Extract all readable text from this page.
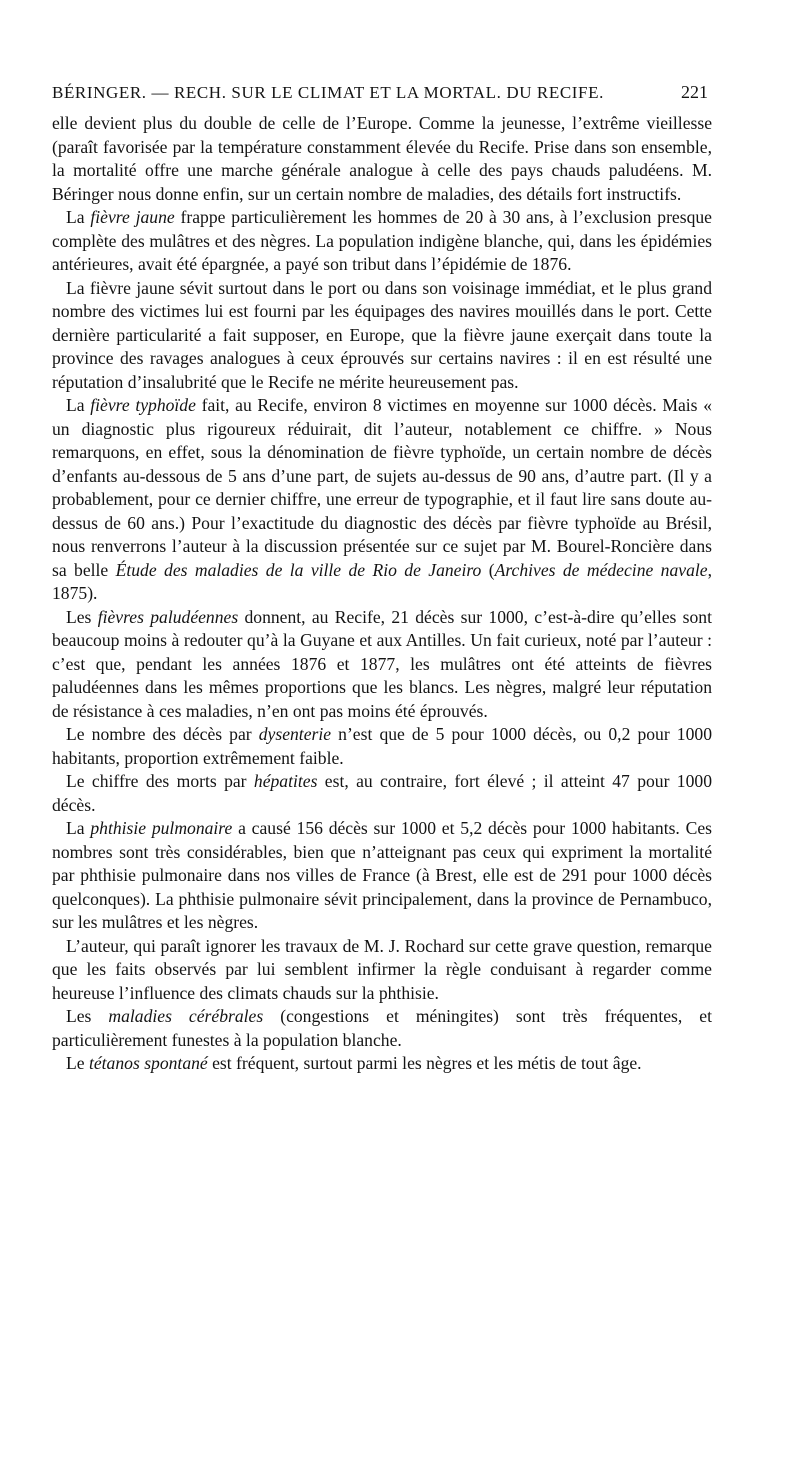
BÉRINGER. — RECH. SUR LE CLIMAT ET LA MORTAL. DU RECIFE.	221

elle devient plus du double de celle de l’Europe. Comme la jeunesse, l’extrême vieillesse (paraît favorisée par la température constamment élevée du Recife. Prise dans son ensemble, la mortalité offre une marche générale analogue à celle des pays chauds paludéens. M. Béringer nous donne enfin, sur un certain nombre de maladies, des détails fort instructifs.

La fièvre jaune frappe particulièrement les hommes de 20 à 30 ans, à l’exclusion presque complète des mulâtres et des nègres. La population indigène blanche, qui, dans les épidémies antérieures, avait été épargnée, a payé son tribut dans l’épidémie de 1876.

La fièvre jaune sévit surtout dans le port ou dans son voisinage immédiat, et le plus grand nombre des victimes lui est fourni par les équipages des navires mouillés dans le port. Cette dernière particularité a fait supposer, en Europe, que la fièvre jaune exerçait dans toute la province des ravages analogues à ceux éprouvés sur certains navires : il en est résulté une réputation d’insalubrité que le Recife ne mérite heureusement pas.

La fièvre typhoïde fait, au Recife, environ 8 victimes en moyenne sur 1000 décès. Mais « un diagnostic plus rigoureux réduirait, dit l’auteur, notablement ce chiffre. » Nous remarquons, en effet, sous la dénomination de fièvre typhoïde, un certain nombre de décès d’enfants au-dessous de 5 ans d’une part, de sujets au-dessus de 90 ans, d’autre part. (Il y a probablement, pour ce dernier chiffre, une erreur de typographie, et il faut lire sans doute au-dessus de 60 ans.) Pour l’exactitude du diagnostic des décès par fièvre typhoïde au Brésil, nous renverrons l’auteur à la discussion présentée sur ce sujet par M. Bourel-Roncière dans sa belle Étude des maladies de la ville de Rio de Janeiro (Archives de médecine navale, 1875).

Les fièvres paludéennes donnent, au Recife, 21 décès sur 1000, c’est-à-dire qu’elles sont beaucoup moins à redouter qu’à la Guyane et aux Antilles. Un fait curieux, noté par l’auteur : c’est que, pendant les années 1876 et 1877, les mulâtres ont été atteints de fièvres paludéennes dans les mêmes proportions que les blancs. Les nègres, malgré leur réputation de résistance à ces maladies, n’en ont pas moins été éprouvés.

Le nombre des décès par dysenterie n’est que de 5 pour 1000 décès, ou 0,2 pour 1000 habitants, proportion extrêmement faible.

Le chiffre des morts par hépatites est, au contraire, fort élevé ; il atteint 47 pour 1000 décès.

La phthisie pulmonaire a causé 156 décès sur 1000 et 5,2 décès pour 1000 habitants. Ces nombres sont très considérables, bien que n’atteignant pas ceux qui expriment la mortalité par phthisie pulmonaire dans nos villes de France (à Brest, elle est de 291 pour 1000 décès quelconques). La phthisie pulmonaire sévit principalement, dans la province de Pernambuco, sur les mulâtres et les nègres.

L’auteur, qui paraît ignorer les travaux de M. J. Rochard sur cette grave question, remarque que les faits observés par lui semblent infirmer la règle conduisant à regarder comme heureuse l’influence des climats chauds sur la phthisie.

Les maladies cérébrales (congestions et méningites) sont très fréquentes, et particulièrement funestes à la population blanche.

Le tétanos spontané est fréquent, surtout parmi les nègres et les métis de tout âge.
